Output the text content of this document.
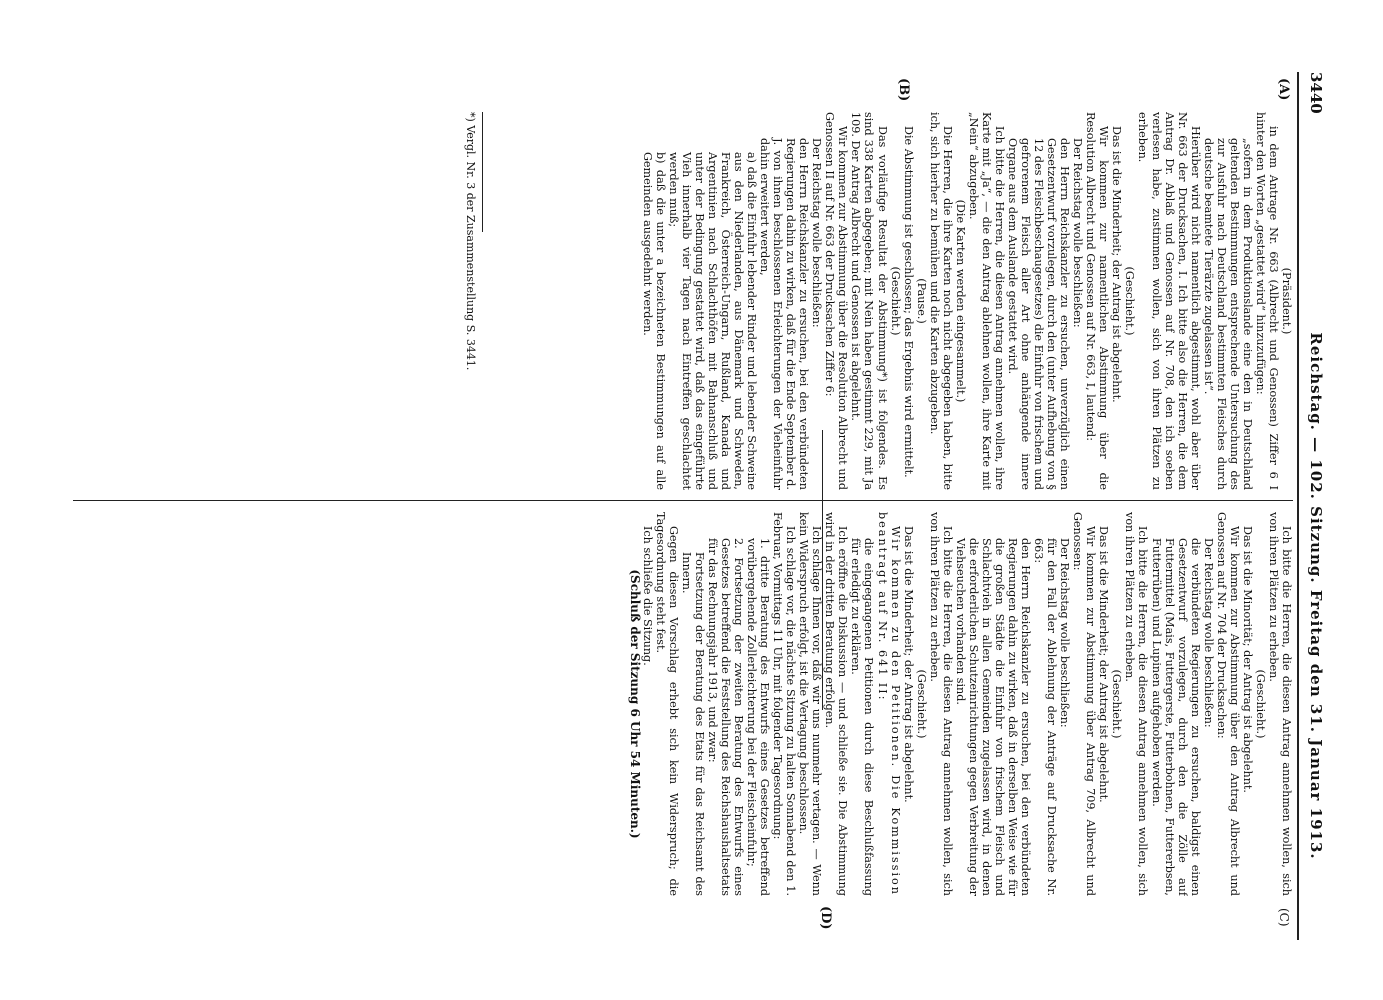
3440
Reichstag. — 102. Sitzung. Freitag den 31. Januar 1913.
(A)
(B)
(D)	(C)

(Präsident.)

in dem Antrage Nr. 663 (Albrecht und Genossen) Ziffer 6 I hinter den Worten „gestattet wird“ hinzuzufügen:

„sofern in dem Produktionslande eine den in Deutschland geltenden Bestimmungen entsprechende Untersuchung des zur Ausfuhr nach Deutschland bestimmten Fleisches durch deutsche beamtete Tierärzte zugelassen ist“.

Hierüber wird nicht namentlich abgestimmt, wohl aber über Nr. 663 der Drucksachen, I. Ich bitte also die Herren, die dem Antrag Dr. Ablaß und Genossen auf Nr. 708, den ich soeben verlesen habe, zustimmen wollen, sich von ihren Plätzen zu erheben.

(Geschieht.)

Das ist die Minderheit; der Antrag ist abgelehnt.

Wir kommen zur namentlichen Abstimmung über die Resolution Albrecht und Genossen auf Nr. 663, I, lautend:

Der Reichstag wolle beschließen:

den Herrn Reichskanzler zu ersuchen, unverzüglich einen Gesetzentwurf vorzulegen, durch den (unter Aufhebung von § 12 des Fleischbeschaugesetzes) die Einfuhr von frischem und gefrorenem Fleisch aller Art ohne anhängende innere Organe aus dem Auslande gestattet wird.

Ich bitte die Herren, die diesen Antrag annehmen wollen, ihre Karte mit „Ja“, — die den Antrag ablehnen wollen, ihre Karte mit „Nein“ abzugeben.

(Die Karten werden eingesammelt.)

Die Herren, die ihre Karten noch nicht abgegeben haben, bitte ich, sich hierher zu bemühen und die Karten abzugeben.

(Pause.)

Die Abstimmung ist geschlossen; das Ergebnis wird ermittelt.

(Geschieht.)

Das vorläufige Resultat der Abstimmung*) ist folgendes. Es sind 338 Karten abgegeben; mit Nein haben gestimmt 229, mit Ja 109. Der Antrag Albrecht und Genossen ist abgelehnt.

Wir kommen zur Abstimmung über die Resolution Albrecht und Genossen II auf Nr. 663 der Drucksachen Ziffer 6:

Der Reichstag wolle beschließen:

den Herrn Reichskanzler zu ersuchen, bei den verbündeten Regierungen dahin zu wirken, daß für die Ende September d. J. von ihnen beschlossenen Erleichterungen der Vieheinfuhr dahin erweitert werden,

a) daß die Einfuhr lebender Rinder und lebender Schweine aus den Niederlanden, aus Dänemark und Schweden, Frankreich, Österreich-Ungarn, Rußland, Kanada und Argentinien nach Schlachthöfen mit Bahnanschluß und unter der Bedingung gestattet wird, daß das eingeführte Vieh innerhalb vier Tagen nach Eintreffen geschlachtet werden muß;

b) daß die unter a bezeichneten Bestimmungen auf alle Gemeinden ausgedehnt werden.

*) Vergl. Nr. 3 der Zusammenstellung S. 3441.

Ich bitte die Herren, die diesen Antrag annehmen wollen, sich von ihren Plätzen zu erheben.

(Geschieht.)

Das ist die Minorität; der Antrag ist abgelehnt.

Wir kommen zur Abstimmung über den Antrag Albrecht und Genossen auf Nr. 704 der Drucksachen:

Der Reichstag wolle beschließen:

die verbündeten Regierungen zu ersuchen, baldigst einen Gesetzentwurf vorzulegen, durch den die Zölle auf Futtermittel (Mais, Futtergerste, Futterbohnen, Futtererbsen, Futterrüben) und Lupinen aufgehoben werden.

Ich bitte die Herren, die diesen Antrag annehmen wollen, sich von ihren Plätzen zu erheben.

(Geschieht.)

Das ist die Minderheit; der Antrag ist abgelehnt.

Wir kommen zur Abstimmung über Antrag 709, Albrecht und Genossen:

Der Reichstag wolle beschließen:

für den Fall der Ablehnung der Anträge auf Drucksache Nr. 663:

den Herrn Reichskanzler zu ersuchen, bei den verbündeten Regierungen dahin zu wirken, daß in derselben Weise wie für die großen Städte die Einfuhr von frischem Fleisch und Schlachtvieh in allen Gemeinden zugelassen wird, in denen die erforderlichen Schutzeinrichtungen gegen Verbreitung der Viehseuchen vorhanden sind.

Ich bitte die Herren, die diesen Antrag annehmen wollen, sich von ihren Plätzen zu erheben.

(Geschieht.)

Das ist die Minderheit; der Antrag ist abgelehnt.

Wir kommen zu den Petitionen. Die Kommission beantragt auf Nr. 641 II:

die eingegangenen Petitionen durch diese Beschlußfassung für erledigt zu erklären.

Ich eröffne die Diskussion — und schließe sie. Die Abstimmung wird in der dritten Beratung erfolgen.

Ich schlage Ihnen vor, daß wir uns nunmehr vertagen. — Wenn kein Widerspruch erfolgt, ist die Vertagung beschlossen.

Ich schlage vor, die nächste Sitzung zu halten Sonnabend den 1. Februar, Vormittags 11 Uhr, mit folgender Tagesordnung:

1. dritte Beratung des Entwurfs eines Gesetzes betreffend vorübergehende Zollerleichterung bei der Fleischeinfuhr;

2. Fortsetzung der zweiten Beratung des Entwurfs eines Gesetzes betreffend die Feststellung des Reichshaushaltsetats für das Rechnungsjahr 1913, und zwar:

Fortsetzung der Beratung des Etats für das Reichsamt des Innern.

Gegen diesen Vorschlag erhebt sich kein Widerspruch; die Tagesordnung steht fest.

Ich schließe die Sitzung.

(Schluß der Sitzung 6 Uhr 54 Minuten.)
